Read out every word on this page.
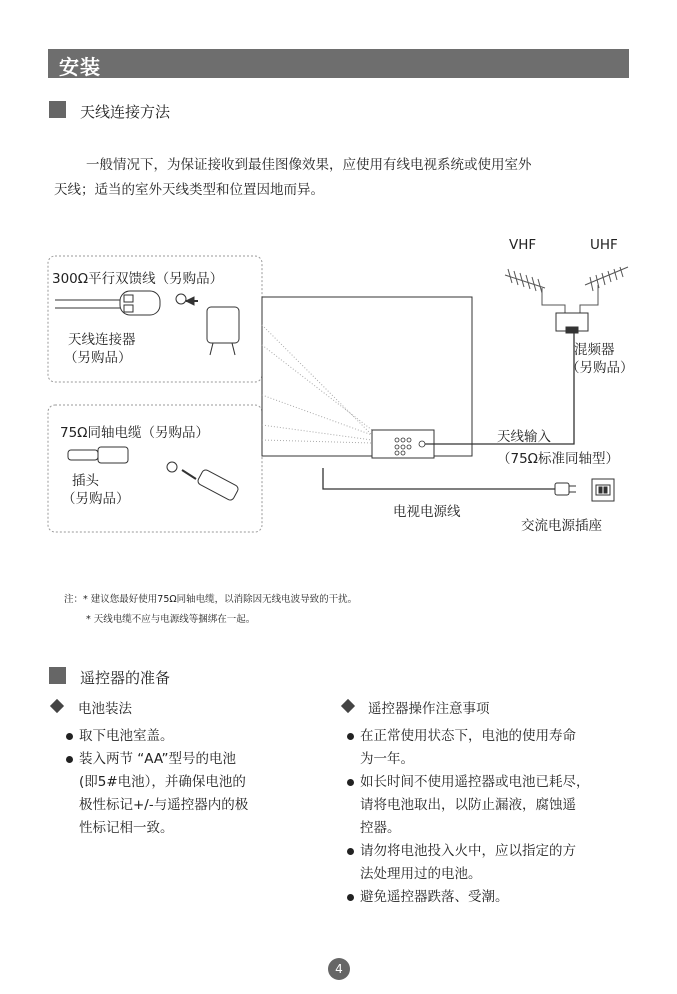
安装
天线连接方法
一般情况下，为保证接收到最佳图像效果，应使用有线电视系统或使用室外
天线；适当的室外天线类型和位置因地而异。
VHF	UHF
300Ω平行双馈线（另购品）
天线连接器
（另购品）	混频器
（另购品）
75Ω同轴电缆（另购品）
插头
（另购品）
天线输入
（75Ω标准同轴型）
电视电源线
交流电源插座
注：* 建议您最好使用75Ω同轴电缆，以消除因无线电波导致的干扰。
* 天线电缆不应与电源线等捆绑在一起。
遥控器的准备
电池装法
取下电池室盖。
装入两节 “AA”型号的电池
(即5#电池），并确保电池的
极性标记+/-与遥控器内的极
性标记相一致。
遥控器操作注意事项
在正常使用状态下，电池的使用寿命
为一年。
如长时间不使用遥控器或电池已耗尽，
请将电池取出，以防止漏液，腐蚀遥
控器。
请勿将电池投入火中，应以指定的方
法处理用过的电池。
避免遥控器跌落、受潮。
4
